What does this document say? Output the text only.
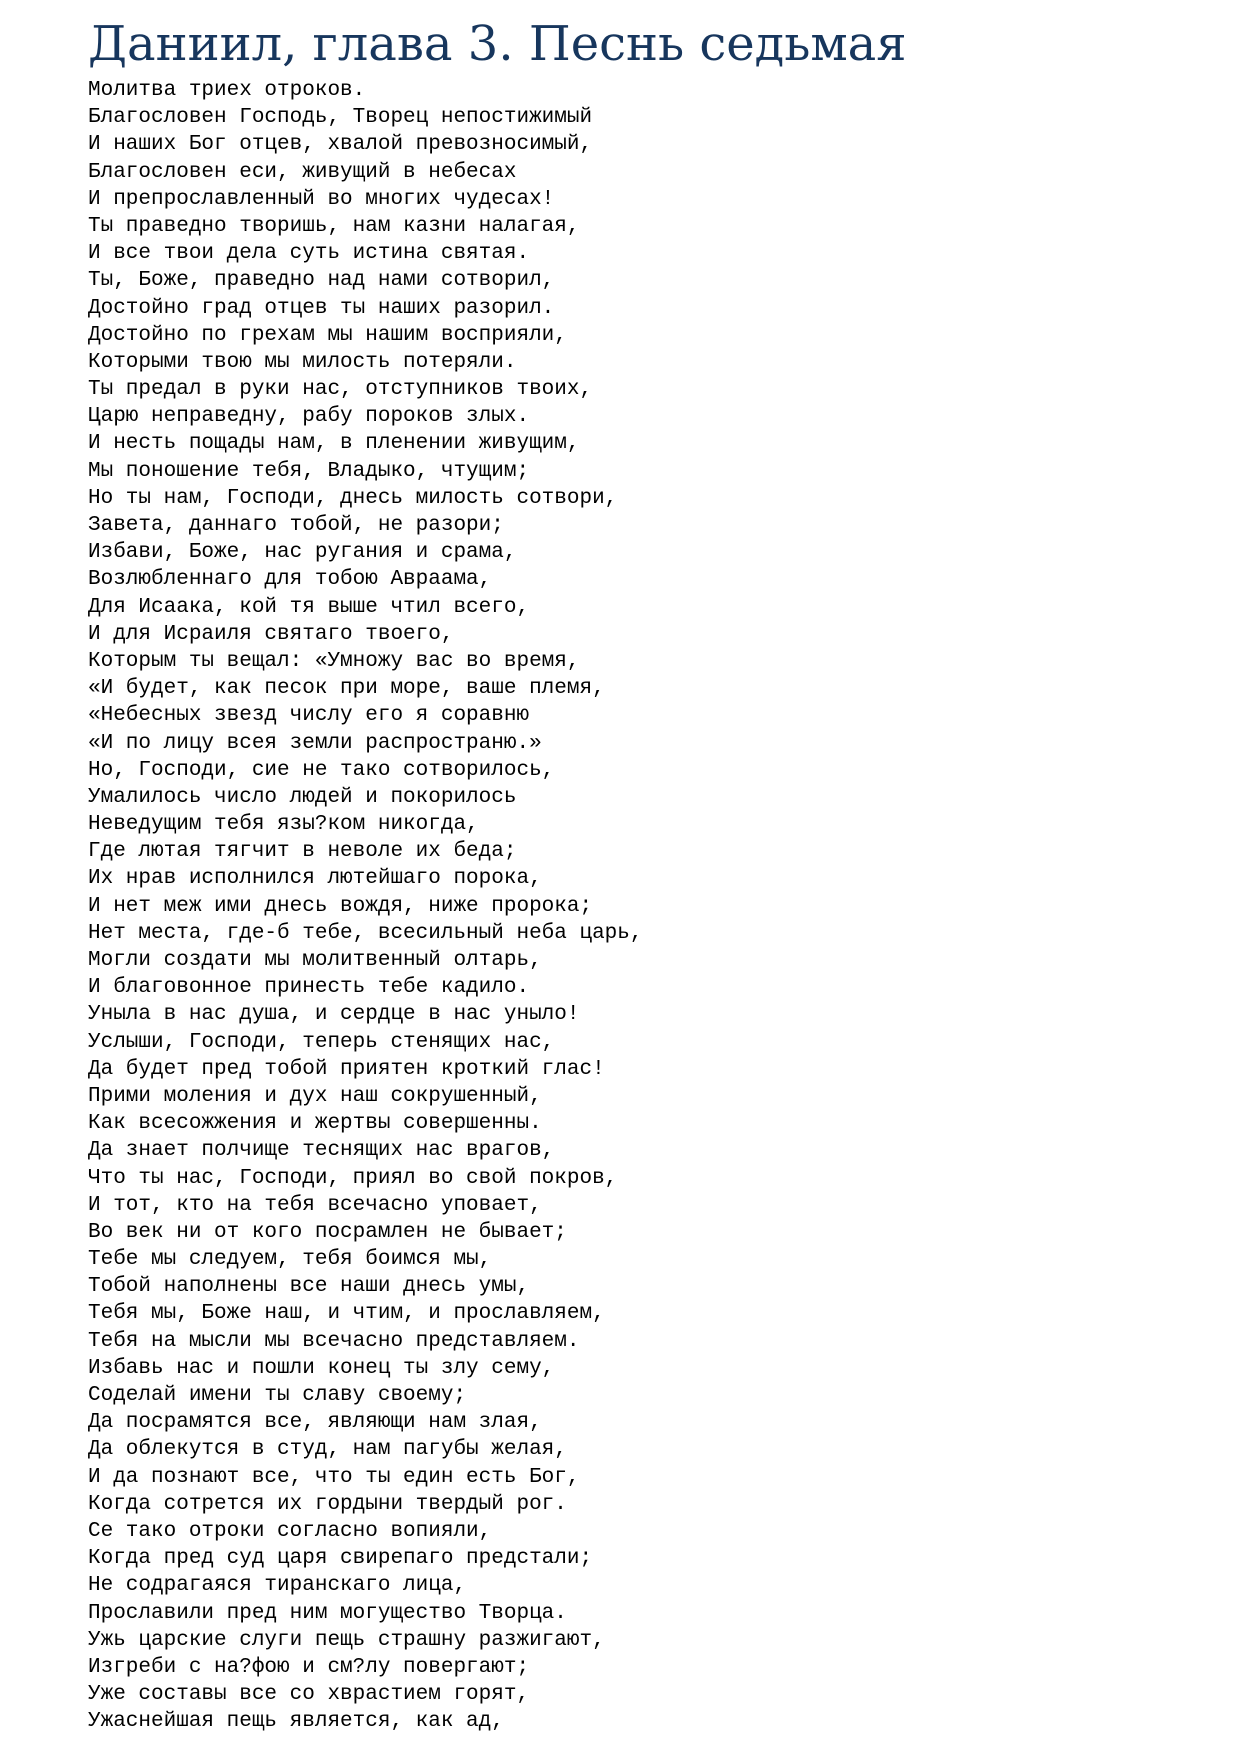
Даниил, глава 3. Песнь седьмая
Молитва триех отроков.
Благословен Господь, Творец непостижимый
И наших Бог отцев, хвалой превозносимый,
Благословен еси, живущий в небесах
И препрославленный во многих чудесах!
Ты праведно творишь, нам казни налагая,
И все твои дела суть истина святая.
Ты, Боже, праведно над нами сотворил,
Достойно град отцев ты наших разорил.
Достойно по грехам мы нашим восприяли,
Которыми твою мы милость потеряли.
Ты предал в руки нас, отступников твоих,
Царю неправедну, рабу пороков злых.
И несть пощады нам, в пленении живущим,
Мы поношение тебя, Владыко, чтущим;
Но ты нам, Господи, днесь милость сотвори,
Завета, даннаго тобой, не разори;
Избави, Боже, нас ругания и срама,
Возлюбленнаго для тобою Авраама,
Для Исаака, кой тя выше чтил всего,
И для Исраиля святаго твоего,
Которым ты вещал: «Умножу вас во время,
«И будет, как песок при море, ваше племя,
«Небесных звезд числу его я соравню
«И по лицу всея земли распространю.»
Но, Господи, сие не тако сотворилось,
Умалилось число людей и покорилось
Неведущим тебя язы?ком никогда,
Где лютая тягчит в неволе их беда;
Их нрав исполнился лютейшаго порока,
И нет меж ими днесь вождя, ниже пророка;
Нет места, где-б тебе, всесильный неба царь,
Могли создати мы молитвенный олтарь,
И благовонное принесть тебе кадило.
Уныла в нас душа, и сердце в нас уныло!
Услыши, Господи, теперь стенящих нас,
Да будет пред тобой приятен кроткий глас!
Прими моления и дух наш сокрушенный,
Как всесожжения и жертвы совершенны.
Да знает полчище теснящих нас врагов,
Что ты нас, Господи, приял во свой покров,
И тот, кто на тебя всечасно уповает,
Во век ни от кого посрамлен не бывает;
Тебе мы следуем, тебя боимся мы,
Тобой наполнены все наши днесь умы,
Тебя мы, Боже наш, и чтим, и прославляем,
Тебя на мысли мы всечасно представляем.
Избавь нас и пошли конец ты злу сему,
Соделай имени ты славу своему;
Да посрамятся все, являющи нам злая,
Да облекутся в студ, нам пагубы желая,
И да познают все, что ты един есть Бог,
Когда сотрется их гордыни твердый рог.
Се тако отроки согласно вопияли,
Когда пред суд царя свирепаго предстали;
Не содрагаяся тиранскаго лица,
Прославили пред ним могущество Творца.
Ужь царские слуги пещь страшну разжигают,
Изгреби с на?фою и см?лу повергают;
Уже составы все со хврастием горят,
Ужаснейшая пещь является, как ад,
